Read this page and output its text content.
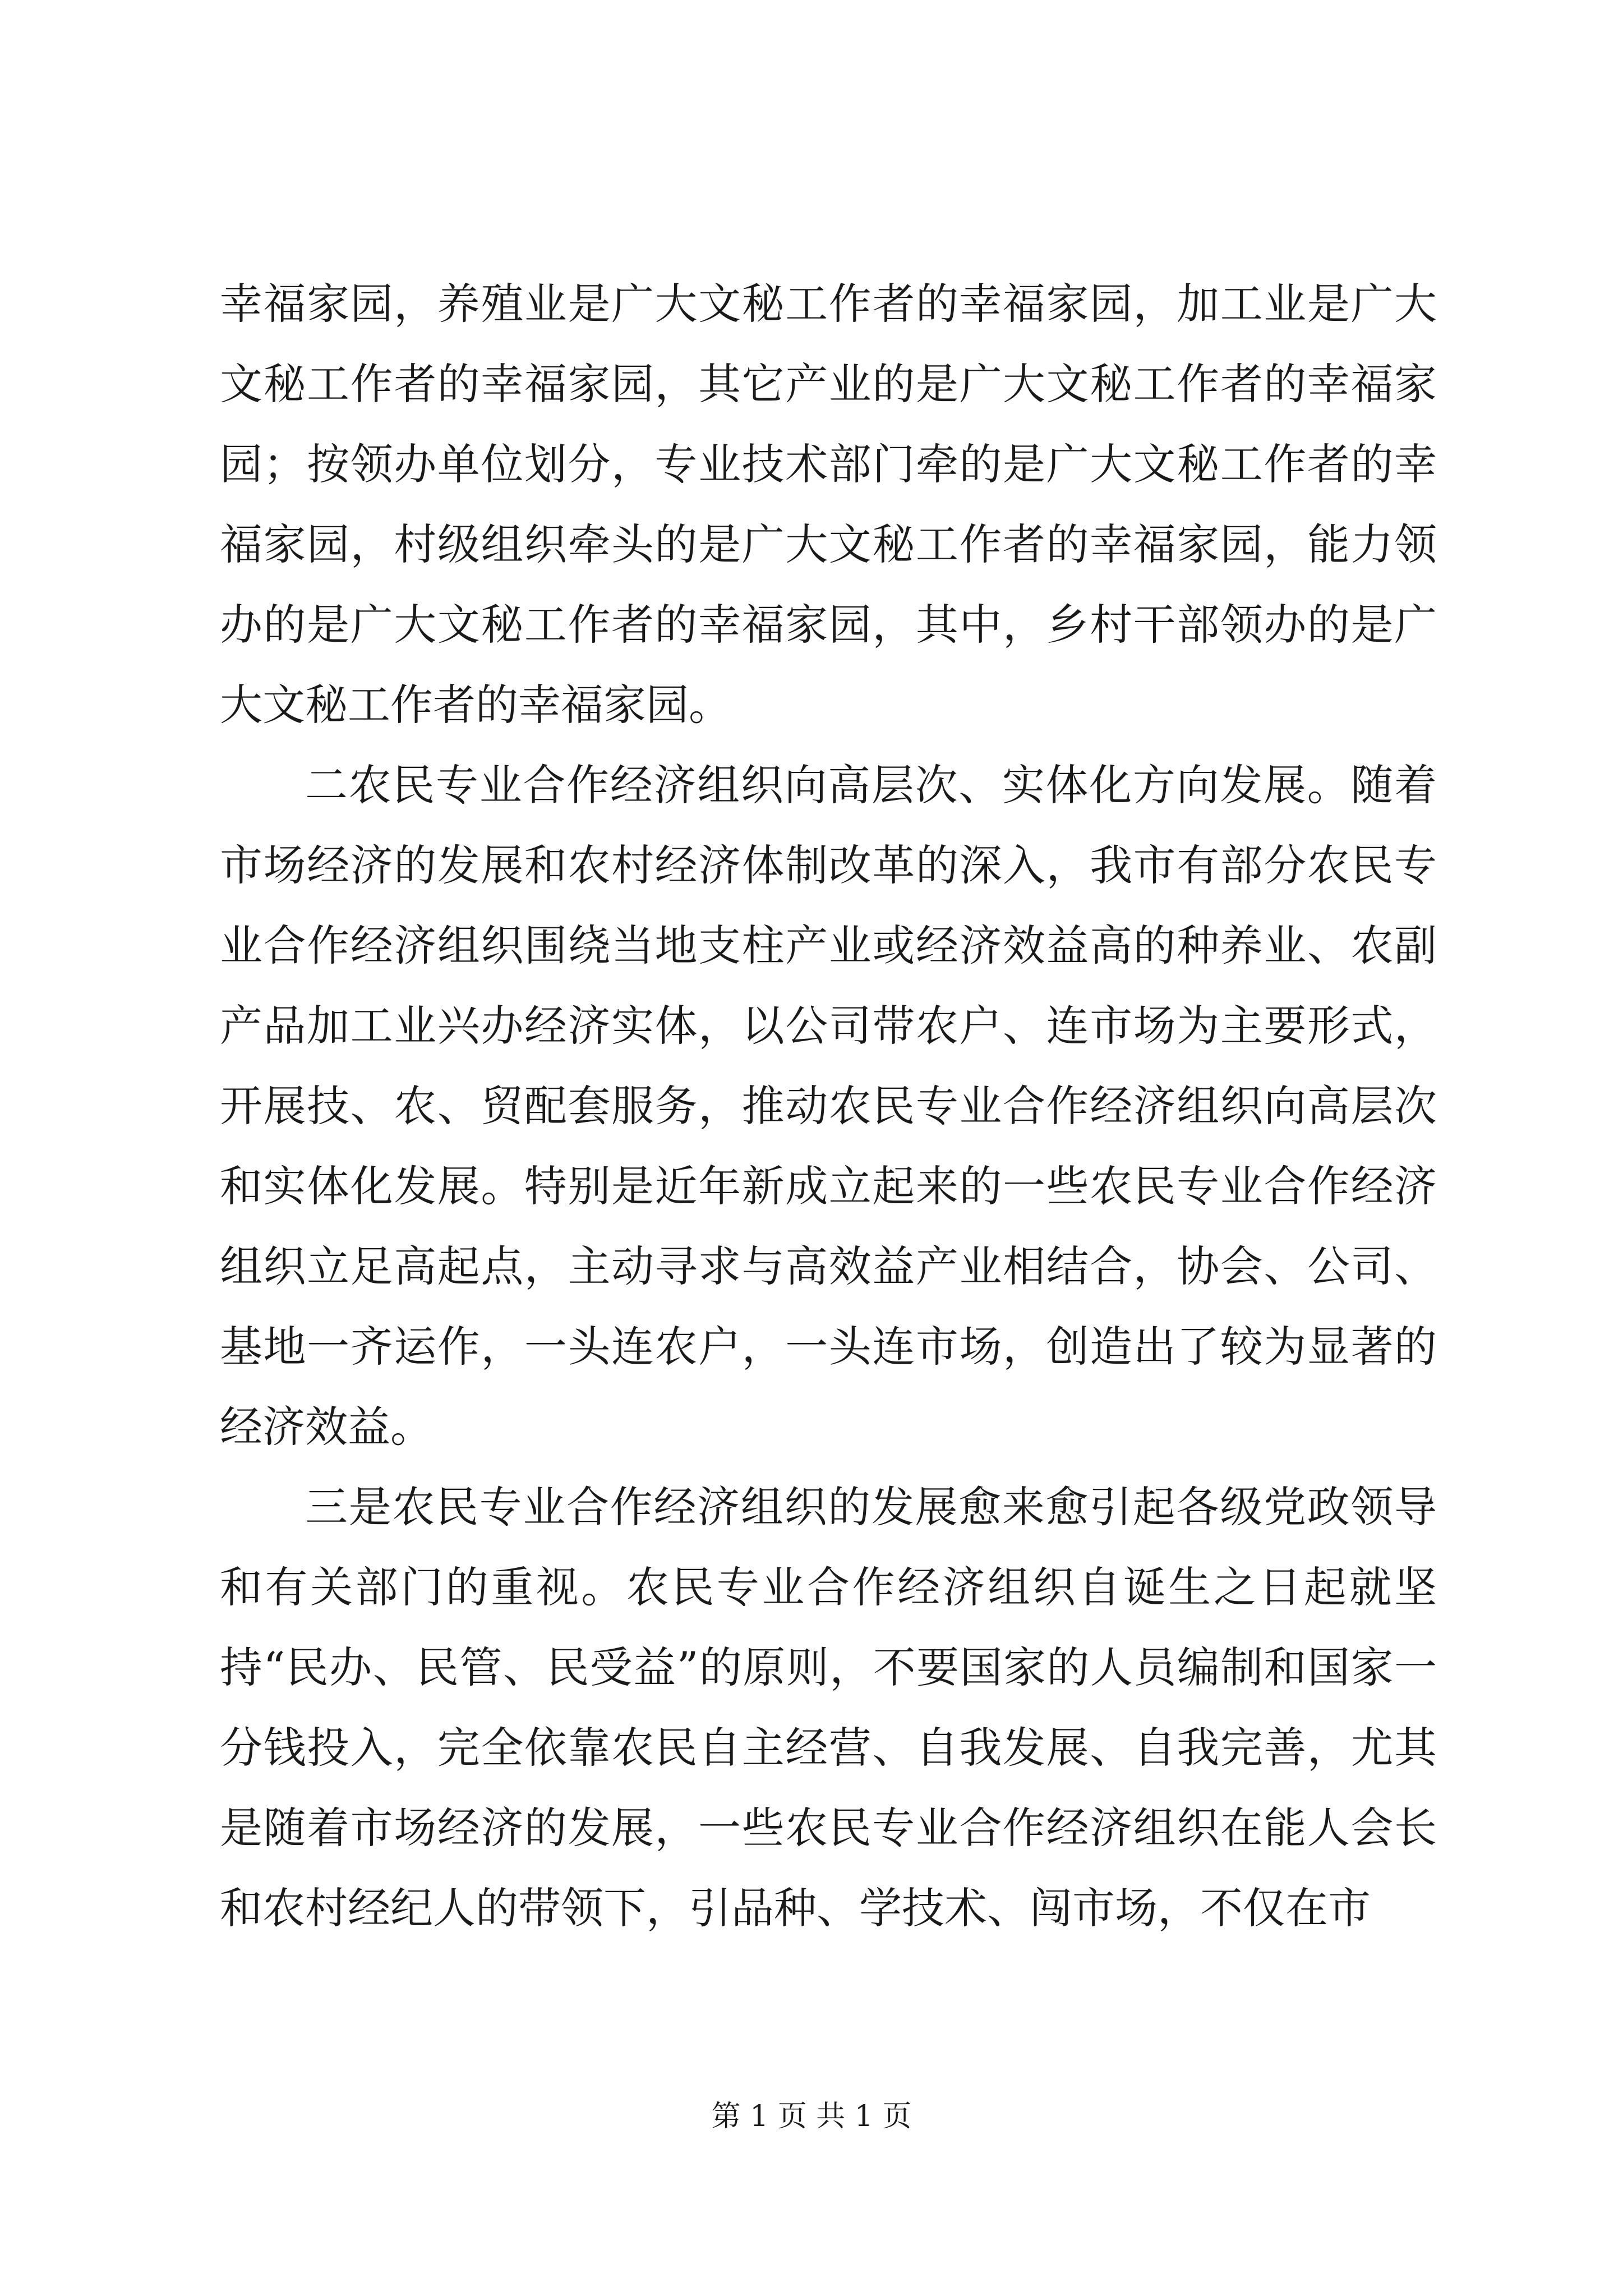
幸福家园，养殖业是广大文秘工作者的幸福家园，加工业是广大文秘工作者的幸福家园，其它产业的是广大文秘工作者的幸福家园；按领办单位划分，专业技术部门牵的是广大文秘工作者的幸福家园，村级组织牵头的是广大文秘工作者的幸福家园，能力领办的是广大文秘工作者的幸福家园，其中，乡村干部领办的是广大文秘工作者的幸福家园。

二农民专业合作经济组织向高层次、实体化方向发展。随着市场经济的发展和农村经济体制改革的深入，我市有部分农民专业合作经济组织围绕当地支柱产业或经济效益高的种养业、农副产品加工业兴办经济实体，以公司带农户、连市场为主要形式，开展技、农、贸配套服务，推动农民专业合作经济组织向高层次和实体化发展。特别是近年新成立起来的一些农民专业合作经济组织立足高起点，主动寻求与高效益产业相结合，协会、公司、基地一齐运作，一头连农户，一头连市场，创造出了较为显著的经济效益。

三是农民专业合作经济组织的发展愈来愈引起各级党政领导和有关部门的重视。农民专业合作经济组织自诞生之日起就坚持“民办、民管、民受益”的原则，不要国家的人员编制和国家一分钱投入，完全依靠农民自主经营、自我发展、自我完善，尤其是随着市场经济的发展，一些农民专业合作经济组织在能人会长和农村经纪人的带领下，引品种、学技术、闯市场，不仅在市

第 1 页 共 1 页
